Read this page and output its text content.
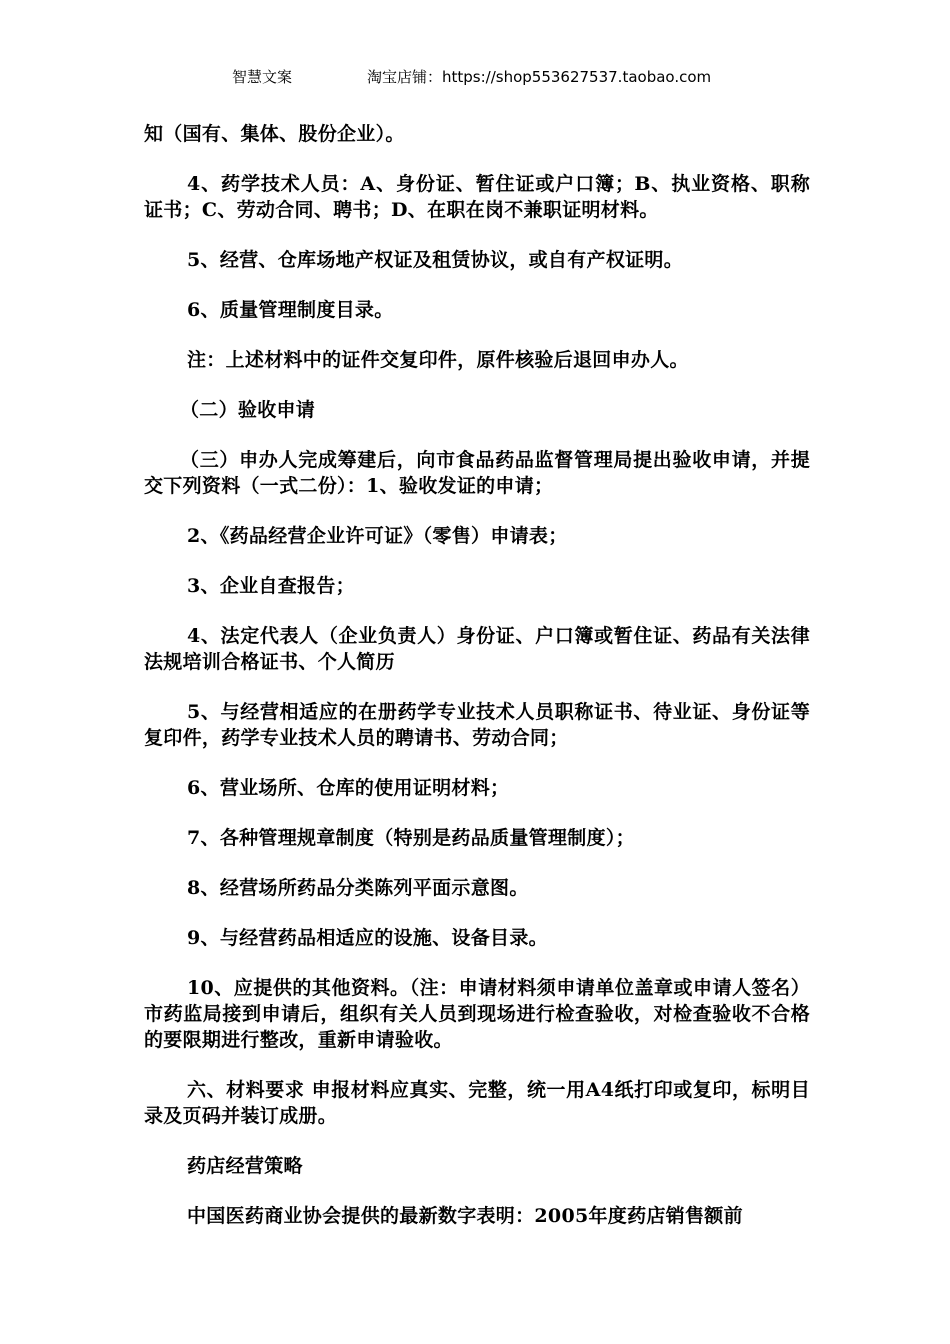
智慧文案	淘宝店铺：https://shop553627537.taobao.com

知（国有、集体、股份企业）。

4、药学技术人员：A、身份证、暂住证或户口簿；B、执业资格、职称证书；C、劳动合同、聘书；D、在职在岗不兼职证明材料。

5、经营、仓库场地产权证及租赁协议，或自有产权证明。

6、质量管理制度目录。

注：上述材料中的证件交复印件，原件核验后退回申办人。

（二）验收申请

（三）申办人完成筹建后，向市食品药品监督管理局提出验收申请，并提交下列资料（一式二份）：1、验收发证的申请；

2、《药品经营企业许可证》（零售）申请表；

3、企业自查报告；

4、法定代表人（企业负责人）身份证、户口簿或暂住证、药品有关法律法规培训合格证书、个人简历

5、与经营相适应的在册药学专业技术人员职称证书、待业证、身份证等复印件，药学专业技术人员的聘请书、劳动合同；

6、营业场所、仓库的使用证明材料；

7、各种管理规章制度（特别是药品质量管理制度）；

8、经营场所药品分类陈列平面示意图。

9、与经营药品相适应的设施、设备目录。

10、应提供的其他资料。（注：申请材料须申请单位盖章或申请人签名）市药监局接到申请后，组织有关人员到现场进行检查验收，对检查验收不合格的要限期进行整改，重新申请验收。

六、材料要求 申报材料应真实、完整，统一用A4纸打印或复印，标明目录及页码并装订成册。

药店经营策略

中国医药商业协会提供的最新数字表明：2005年度药店销售额前
